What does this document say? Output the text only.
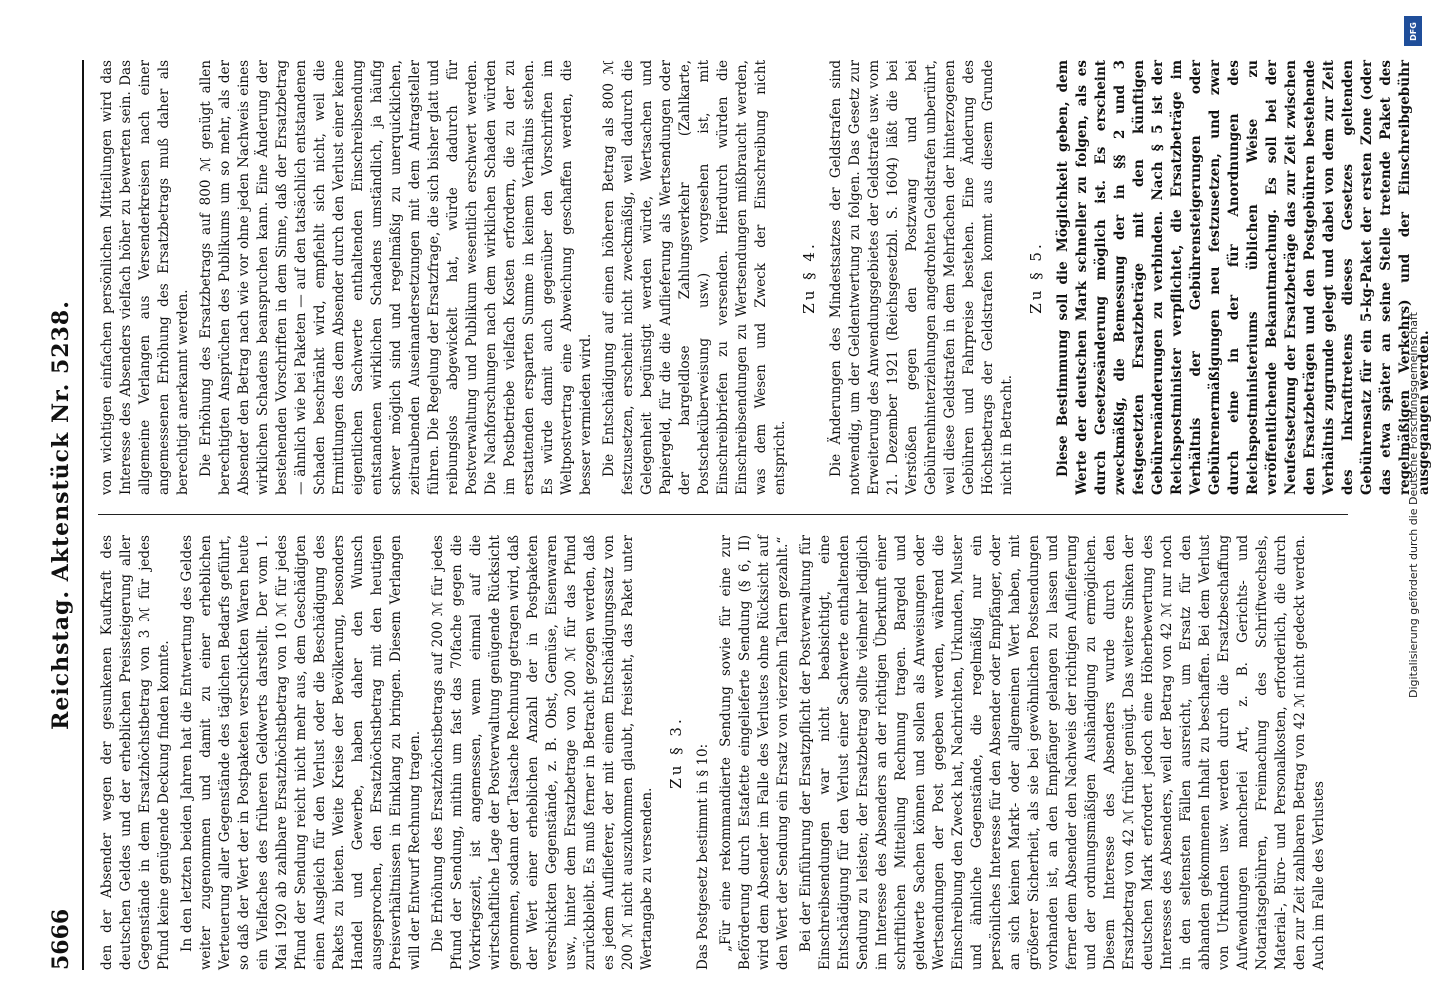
5666
Reichstag. Aktenstück Nr. 5238.

den der Absender wegen der gesunkenen Kaufkraft des deutschen Geldes und der erheblichen Preissteigerung aller Gegenstände in dem Ersatzhöchstbetrag von 3 ℳ für jedes Pfund keine genügende Deckung finden konnte. In den letzten beiden Jahren hat die Entwertung des Geldes weiter zugenommen und damit zu einer erheblichen Verteuerung aller Gegenstände des täglichen Bedarfs geführt, so daß der Wert der in Postpaketen verschickten Waren heute ein Vielfaches des früheren Geldwerts darstellt. Der vom 1. Mai 1920 ab zahlbare Ersatzhöchstbetrag von 10 ℳ für jedes Pfund der Sendung reicht nicht mehr aus, dem Geschädigten einen Ausgleich für den Verlust oder die Beschädigung des Pakets zu bieten. Weite Kreise der Bevölkerung, besonders Handel und Gewerbe, haben daher den Wunsch ausgesprochen, den Ersatzhöchstbetrag mit den heutigen Preisverhältnissen in Einklang zu bringen. Diesem Verlangen will der Entwurf Rechnung tragen. Die Erhöhung des Ersatzhöchstbetrags auf 200 ℳ für jedes Pfund der Sendung, mithin um fast das 70fache gegen die Vorkriegszeit, ist angemessen, wenn einmal auf die wirtschaftliche Lage der Postverwaltung genügende Rücksicht genommen, sodann der Tatsache Rechnung getragen wird, daß der Wert einer erheblichen Anzahl der in Postpaketen verschickten Gegenstände, z. B. Obst, Gemüse, Eisenwaren usw., hinter dem Ersatzbetrage von 200 ℳ für das Pfund zurückbleibt. Es muß ferner in Betracht gezogen werden, daß es jedem Auflieferer, der mit einem Entschädigungssatz von 200 ℳ nicht auszukommen glaubt, freisteht, das Paket unter Wertangabe zu versenden.

Zu § 3. Das Postgesetz bestimmt in § 10: „Für eine rekommandierte Sendung sowie für eine zur Beförderung durch Estafette eingelieferte Sendung (§ 6, II) wird dem Absender im Falle des Verlustes ohne Rücksicht auf den Wert der Sendung ein Ersatz von vierzehn Talern gezahlt.“ Bei der Einführung der Ersatzpflicht der Postverwaltung für Einschreibsendungen war nicht beabsichtigt, eine Entschädigung für den Verlust einer Sachwerte enthaltenden Sendung zu leisten; der Ersatzbetrag sollte vielmehr lediglich im Interesse des Absenders an der richtigen Überkunft einer schriftlichen Mitteilung Rechnung tragen. Bargeld und geldwerte Sachen können und sollen als Anweisungen oder Wertsendungen der Post gegeben werden, während die Einschreibung den Zweck hat, Nachrichten, Urkunden, Muster und ähnliche Gegenstände, die regelmäßig nur ein persönliches Interesse für den Absender oder Empfänger, oder an sich keinen Markt- oder allgemeinen Wert haben, mit größerer Sicherheit, als sie bei gewöhnlichen Postsendungen vorhanden ist, an den Empfänger gelangen zu lassen und ferner dem Absender den Nachweis der richtigen Auflieferung und der ordnungsmäßigen Aushändigung zu ermöglichen. Diesem Interesse des Absenders wurde durch den Ersatzbetrag von 42 ℳ früher genügt. Das weitere Sinken der deutschen Mark erfordert jedoch eine Höherbewertung des Interesses des Absenders, weil der Betrag von 42 ℳ nur noch in den seltensten Fällen ausreicht, um Ersatz für den abhanden gekommenen Inhalt zu beschaffen. Bei dem Verlust von Urkunden usw. werden durch die Ersatzbeschaffung Aufwendungen mancherlei Art, z. B. Gerichts- und Notariatsgebühren, Freimachung des Schriftwechsels, Material-, Büro- und Personalkosten, erforderlich, die durch den zur Zeit zahlbaren Betrag von 42 ℳ nicht gedeckt werden. Auch im Falle des Verlustes

von wichtigen einfachen persönlichen Mitteilungen wird das Interesse des Absenders vielfach höher zu bewerten sein. Das allgemeine Verlangen aus Versenderkreisen nach einer angemessenen Erhöhung des Ersatzbetrags muß daher als berechtigt anerkannt werden. Die Erhöhung des Ersatzbetrags auf 800 ℳ genügt allen berechtigten Ansprüchen des Publikums um so mehr, als der Absender den Betrag nach wie vor ohne jeden Nachweis eines wirklichen Schadens beanspruchen kann. Eine Änderung der bestehenden Vorschriften in dem Sinne, daß der Ersatzbetrag — ähnlich wie bei Paketen — auf den tatsächlich entstandenen Schaden beschränkt wird, empfiehlt sich nicht, weil die Ermittlungen des dem Absender durch den Verlust einer keine eigentlichen Sachwerte enthaltenden Einschreibsendung entstandenen wirklichen Schadens umständlich, ja häufig schwer möglich sind und regelmäßig zu unerquicklichen, zeitraubenden Auseinandersetzungen mit dem Antragsteller führen. Die Regelung der Ersatzfrage, die sich bisher glatt und reibungslos abgewickelt hat, würde dadurch für Postverwaltung und Publikum wesentlich erschwert werden. Die Nachforschungen nach dem wirklichen Schaden würden im Postbetriebe vielfach Kosten erfordern, die zu der zu erstattenden ersparten Summe in keinem Verhältnis stehen. Es würde damit auch gegenüber den Vorschriften im Weltpostvertrag eine Abweichung geschaffen werden, die besser vermieden wird. Die Entschädigung auf einen höheren Betrag als 800 ℳ festzusetzen, erscheint nicht zweckmäßig, weil dadurch die Gelegenheit begünstigt werden würde, Wertsachen und Papiergeld, für die die Auflieferung als Wertsendungen oder der bargeldlose Zahlungsverkehr (Zahlkarte, Postscheküberweisung usw.) vorgesehen ist, mit Einschreibbriefen zu versenden. Hierdurch würden die Einschreibsendungen zu Wertsendungen mißbraucht werden, was dem Wesen und Zweck der Einschreibung nicht entspricht.

Zu § 4. Die Änderungen des Mindestsatzes der Geldstrafen sind notwendig, um der Geldentwertung zu folgen. Das Gesetz zur Erweiterung des Anwendungsgebietes der Geldstrafe usw. vom 21. Dezember 1921 (Reichsgesetzbl. S. 1604) läßt die bei Verstößen gegen den Postzwang und bei Gebührenhinterziehungen angedrohten Geldstrafen unberührt, weil diese Geldstrafen in dem Mehrfachen der hinterzogenen Gebühren und Fahrpreise bestehen. Eine Änderung des Höchstbetrags der Geldstrafen kommt aus diesem Grunde nicht in Betracht.

Zu § 5. Diese Bestimmung soll die Möglichkeit geben, dem Werte der deutschen Mark schneller zu folgen, als es durch Gesetzesänderung möglich ist. Es erscheint zweckmäßig, die Bemessung der in §§ 2 und 3 festgesetzten Ersatzbeträge mit den künftigen Gebührenänderungen zu verbinden. Nach § 5 ist der Reichspostminister verpflichtet, die Ersatzbeträge im Verhältnis der Gebührensteigerungen oder Gebührenermäßigungen neu festzusetzen, und zwar durch eine in der für Anordnungen des Reichspostministeriums üblichen Weise zu veröffentlichende Bekanntmachung. Es soll bei der Neufestsetzung der Ersatzbeträge das zur Zeit zwischen den Ersatzbeträgen und den Postgebühren bestehende Verhältnis zugrunde gelegt und dabei von dem zur Zeit des Inkrafttretens dieses Gesetzes geltenden Gebührensatz für ein 5-kg-Paket der ersten Zone (oder das etwa später an seine Stelle tretende Paket des regelmäßigen Verkehrs) und der Einschreibgebühr ausgegangen werden.

DFG
Digitalisierung gefördert durch die Deutsche Forschungsgemeinschaft
